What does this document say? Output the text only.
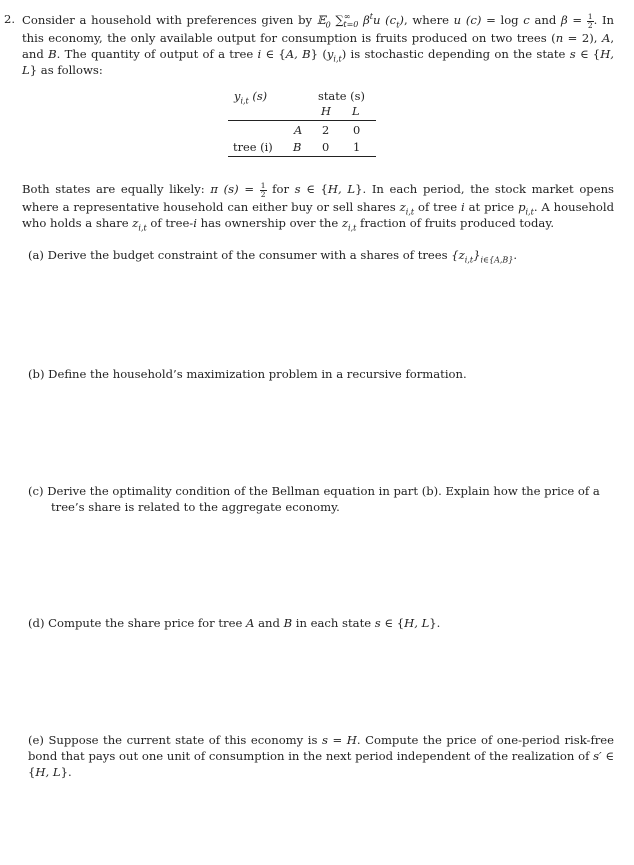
2. Consider a household with preferences given by 𝔼$_0$ $\sum^\infty_{t=0}$ $\beta^tu$ $(c_t)$, where u (c) = log c and $\beta = \frac{1}{2}$ . In this economy, the only available output for consumption is fruits produced on two trees (n = 2), A, and B. The quantity of output of a tree i ∈ {A, B} $(y_{i,t})$ is stochastic depending on the state s ∈ {H, L} as follows:
$y_{i,t}$ (s)	state (s)
H L
A 2 0
tree (i) B 0 1
Both states are equally likely: π $(s) = \frac{1}{2}$ for s ∈ {H, L}. In each period, the stock market opens where a representative household can either buy or sell shares $z_{i,t}$ of tree i at price $p_{i,t}$. A household who holds a share $z_{i,t}$ of tree-i has ownership over the $z_{i,t}$ fraction of fruits produced today.
(a) Derive the budget constraint of the consumer with a shares of trees $\{z_{i,t}\}_{i\in\{A,B\}}$.
(b) Define the household’s maximization problem in a recursive formation.
(c) Derive the optimality condition of the Bellman equation in part (b). Explain how the price of a
tree’s share is related to the aggregate economy.
(d) Compute the share price for tree A and B in each state s ∈ {H, L}.
(e) Suppose the current state of this economy is s = H. Compute the price of one-period risk-free bond that pays out one unit of consumption in the next period independent of the realization of s′ ∈ {H, L}.
